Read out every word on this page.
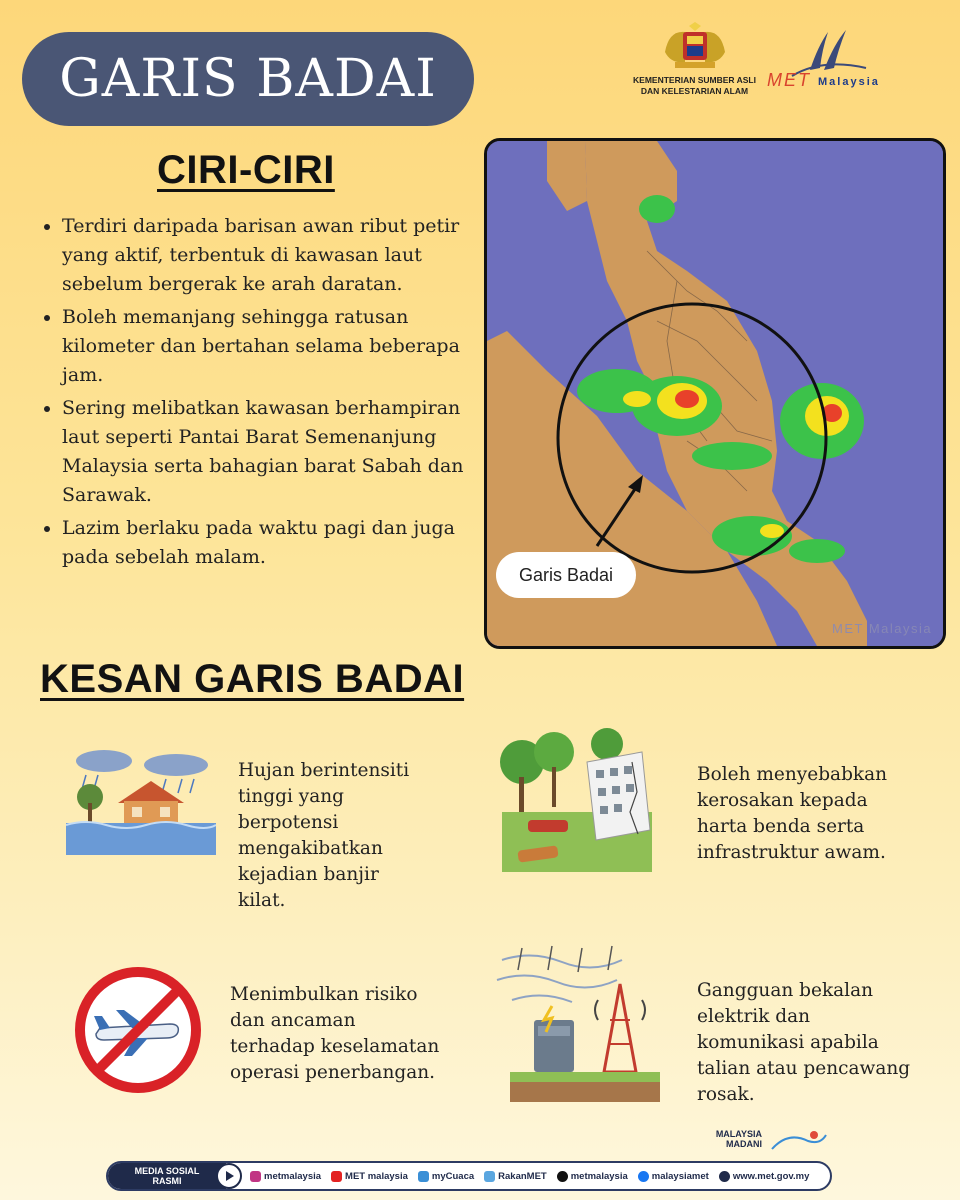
GARIS BADAI	KEMENTERIAN SUMBER ASLI
DAN KELESTARIAN ALAM
MET Malaysia
CIRI-CIRI
• Terdiri daripada barisan awan ribut petir yang aktif, terbentuk di kawasan laut sebelum bergerak ke arah daratan.
• Boleh memanjang sehingga ratusan kilometer dan bertahan selama beberapa jam.
• Sering melibatkan kawasan berhampiran laut seperti Pantai Barat Semenanjung Malaysia serta bahagian barat Sabah dan Sarawak.
• Lazim berlaku pada waktu pagi dan juga pada sebelah malam.
MET Malaysia
Garis Badai
KESAN GARIS BADAI
Hujan berintensiti tinggi yang berpotensi mengakibatkan kejadian banjir kilat.
Boleh menyebabkan kerosakan kepada harta benda serta infrastruktur awam.
Menimbulkan risiko dan ancaman terhadap keselamatan operasi penerbangan.
Gangguan bekalan elektrik dan komunikasi apabila talian atau pencawang rosak.
MALAYSIA
MADANI
MEDIA SOSIAL
RASMI	metmalaysia	MET malaysia	myCuaca	RakanMET	metmalaysia	malaysiamet	www.met.gov.my
